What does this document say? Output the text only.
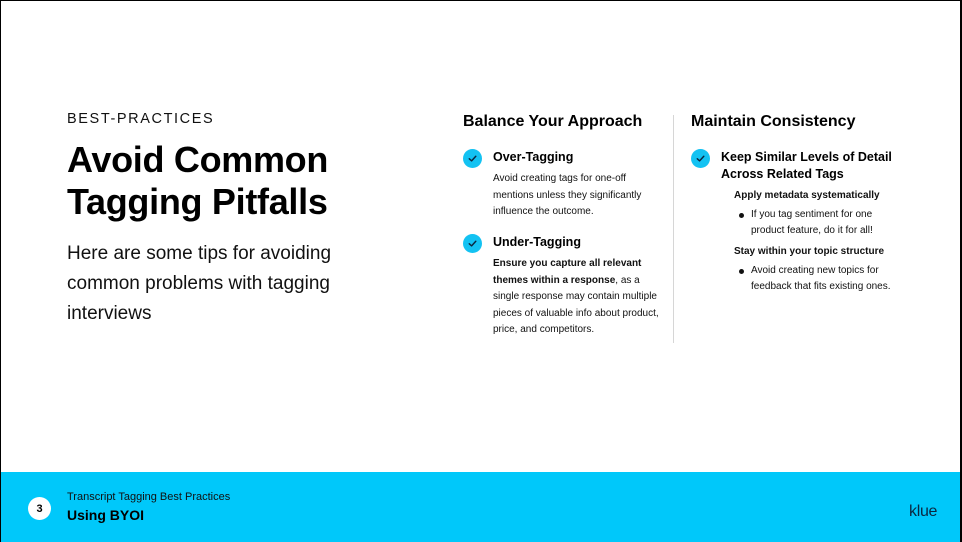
BEST-PRACTICES
Avoid Common Tagging Pitfalls
Here are some tips for avoiding common problems with tagging interviews
Balance Your Approach
Over-Tagging
Avoid creating tags for one-off mentions unless they significantly influence the outcome.
Under-Tagging
Ensure you capture all relevant themes within a response, as a single response may contain multiple pieces of valuable info about product, price, and competitors.
Maintain Consistency
Keep Similar Levels of Detail Across Related Tags
Apply metadata systematically
If you tag sentiment for one product feature, do it for all!
Stay within your topic structure
Avoid creating new topics for feedback that fits existing ones.
3
Transcript Tagging Best Practices
Using BYOI	klue
